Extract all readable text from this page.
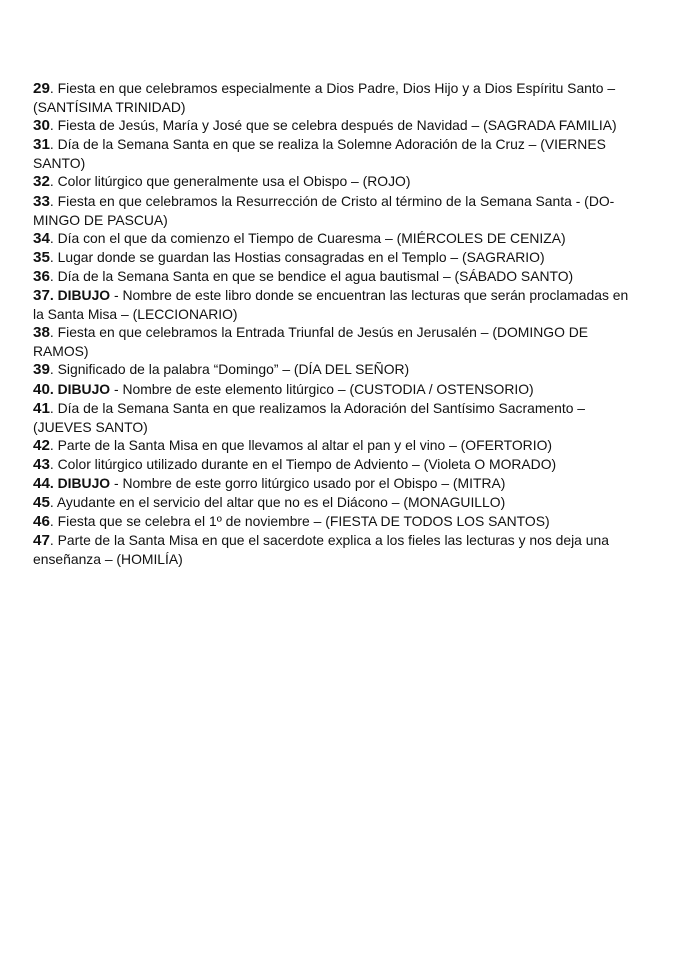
29. Fiesta en que celebramos especialmente a Dios Padre, Dios Hijo y a Dios Espíritu Santo – (SANTÍSIMA TRINIDAD)

30. Fiesta de Jesús, María y José que se celebra después de Navidad – (SAGRADA FAMILIA)

31. Día de la Semana Santa en que se realiza la Solemne Adoración de la Cruz – (VIERNES SANTO)

32. Color litúrgico que generalmente usa el Obispo – (ROJO)

33. Fiesta en que celebramos la Resurrección de Cristo al término de la Semana Santa - (DO-MINGO DE PASCUA)

34. Día con el que da comienzo el Tiempo de Cuaresma – (MIÉRCOLES DE CENIZA)

35. Lugar donde se guardan las Hostias consagradas en el Templo – (SAGRARIO)

36. Día de la Semana Santa en que se bendice el agua bautismal – (SÁBADO SANTO)

37. DIBUJO - Nombre de este libro donde se encuentran las lecturas que serán proclamadas en la Santa Misa – (LECCIONARIO)

38. Fiesta en que celebramos la Entrada Triunfal de Jesús en Jerusalén – (DOMINGO DE RAMOS)

39. Significado de la palabra “Domingo” – (DÍA DEL SEÑOR)

40. DIBUJO - Nombre de este elemento litúrgico – (CUSTODIA / OSTENSORIO)

41. Día de la Semana Santa en que realizamos la Adoración del Santísimo Sacramento – (JUEVES SANTO)

42. Parte de la Santa Misa en que llevamos al altar el pan y el vino – (OFERTORIO)

43. Color litúrgico utilizado durante en el Tiempo de Adviento – (Violeta O MORADO)

44. DIBUJO - Nombre de este gorro litúrgico usado por el Obispo – (MITRA)

45. Ayudante en el servicio del altar que no es el Diácono – (MONAGUILLO)

46. Fiesta que se celebra el 1º de noviembre – (FIESTA DE TODOS LOS SANTOS)

47. Parte de la Santa Misa en que el sacerdote explica a los fieles las lecturas y nos deja una enseñanza – (HOMILÍA)
